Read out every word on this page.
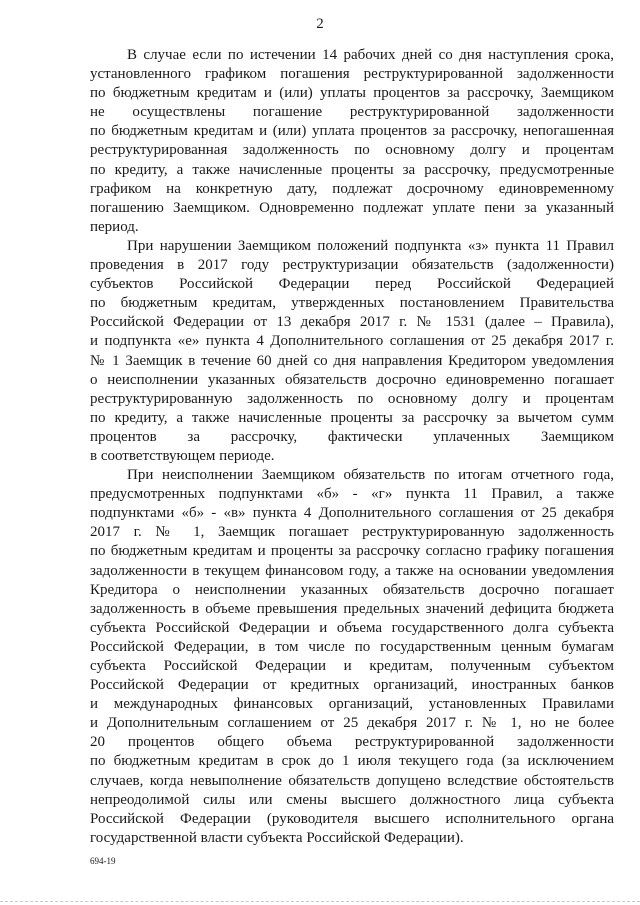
2

В случае если по истечении 14 рабочих дней со дня наступления срока,
установленного графиком погашения реструктурированной задолженности
по бюджетным кредитам и (или) уплаты процентов за рассрочку, Заемщиком
не осуществлены погашение реструктурированной задолженности
по бюджетным кредитам и (или) уплата процентов за рассрочку, непогашенная
реструктурированная задолженность по основному долгу и процентам
по кредиту, а также начисленные проценты за рассрочку, предусмотренные
графиком на конкретную дату, подлежат досрочному единовременному
погашению Заемщиком. Одновременно подлежат уплате пени за указанный
период.

При нарушении Заемщиком положений подпункта «з» пункта 11 Правил
проведения в 2017 году реструктуризации обязательств (задолженности)
субъектов Российской Федерации перед Российской Федерацией
по бюджетным кредитам, утвержденных постановлением Правительства
Российской Федерации от 13 декабря 2017 г. № 1531 (далее – Правила),
и подпункта «е» пункта 4 Дополнительного соглашения от 25 декабря 2017 г.
№ 1 Заемщик в течение 60 дней со дня направления Кредитором уведомления
о неисполнении указанных обязательств досрочно единовременно погашает
реструктурированную задолженность по основному долгу и процентам
по кредиту, а также начисленные проценты за рассрочку за вычетом сумм
процентов за рассрочку, фактически уплаченных Заемщиком
в соответствующем периоде.

При неисполнении Заемщиком обязательств по итогам отчетного года,
предусмотренных подпунктами «б» - «г» пункта 11 Правил, а также
подпунктами «б» - «в» пункта 4 Дополнительного соглашения от 25 декабря
2017 г. № 1, Заемщик погашает реструктурированную задолженность
по бюджетным кредитам и проценты за рассрочку согласно графику погашения
задолженности в текущем финансовом году, а также на основании уведомления
Кредитора о неисполнении указанных обязательств досрочно погашает
задолженность в объеме превышения предельных значений дефицита бюджета
субъекта Российской Федерации и объема государственного долга субъекта
Российской Федерации, в том числе по государственным ценным бумагам
субъекта Российской Федерации и кредитам, полученным субъектом
Российской Федерации от кредитных организаций, иностранных банков
и международных финансовых организаций, установленных Правилами
и Дополнительным соглашением от 25 декабря 2017 г. № 1, но не более
20 процентов общего объема реструктурированной задолженности
по бюджетным кредитам в срок до 1 июля текущего года (за исключением
случаев, когда невыполнение обязательств допущено вследствие обстоятельств
непреодолимой силы или смены высшего должностного лица субъекта
Российской Федерации (руководителя высшего исполнительного органа
государственной власти субъекта Российской Федерации).

694-19
